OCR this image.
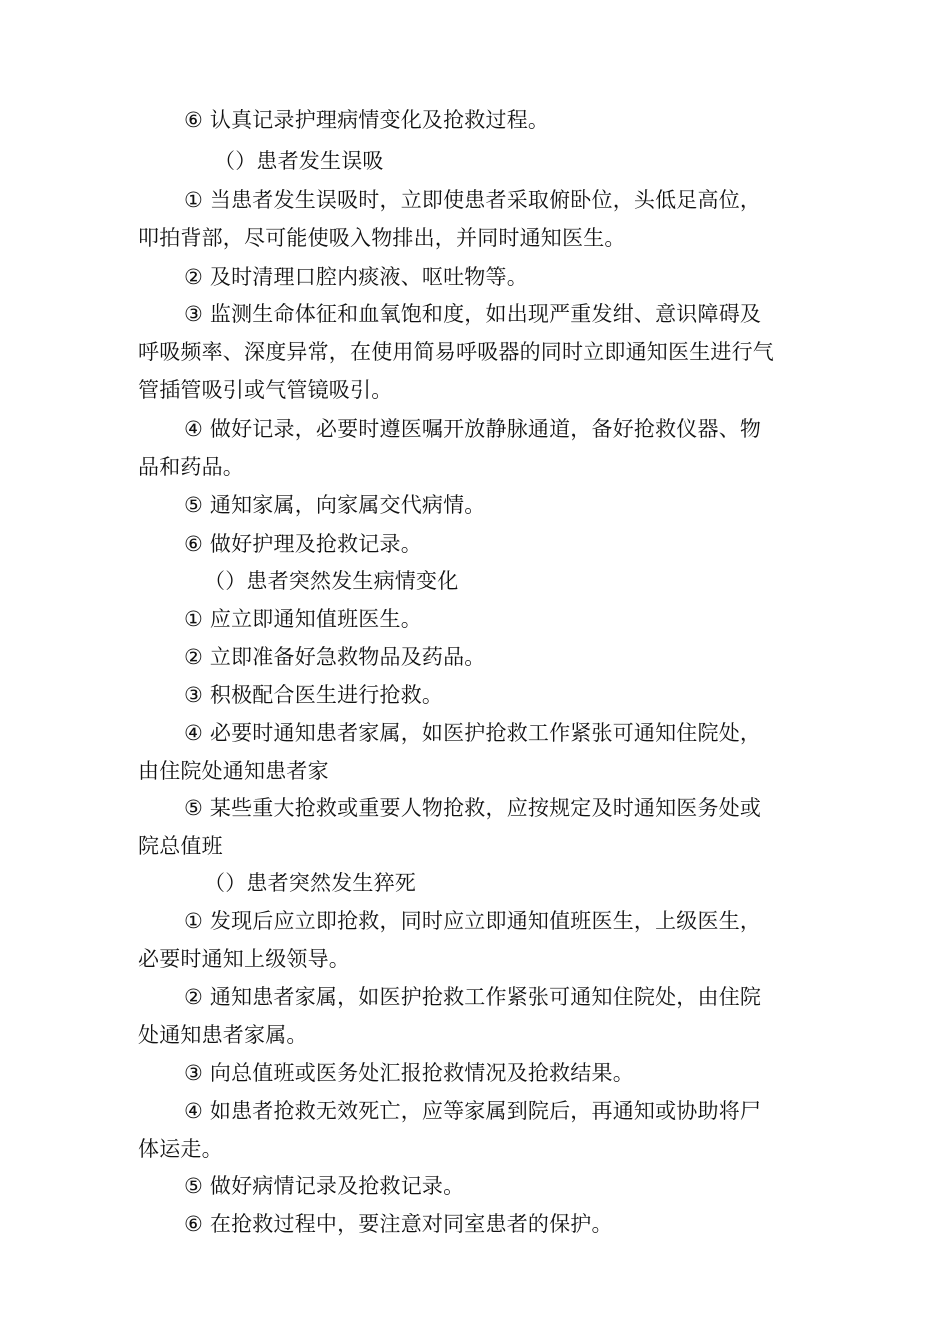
⑥ 认真记录护理病情变化及抢救过程。
（）患者发生误吸
① 当患者发生误吸时，立即使患者采取俯卧位，头低足高位，
叩拍背部，尽可能使吸入物排出，并同时通知医生。
② 及时清理口腔内痰液、呕吐物等。
③ 监测生命体征和血氧饱和度，如出现严重发绀、意识障碍及
呼吸频率、深度异常，在使用简易呼吸器的同时立即通知医生进行气
管插管吸引或气管镜吸引。
④ 做好记录，必要时遵医嘱开放静脉通道，备好抢救仪器、物
品和药品。
⑤ 通知家属，向家属交代病情。
⑥ 做好护理及抢救记录。
（）患者突然发生病情变化
① 应立即通知值班医生。
② 立即准备好急救物品及药品。
③ 积极配合医生进行抢救。
④ 必要时通知患者家属，如医护抢救工作紧张可通知住院处，
由住院处通知患者家
⑤ 某些重大抢救或重要人物抢救，应按规定及时通知医务处或
院总值班
（）患者突然发生猝死
① 发现后应立即抢救，同时应立即通知值班医生，上级医生，
必要时通知上级领导。
② 通知患者家属，如医护抢救工作紧张可通知住院处，由住院
处通知患者家属。
③ 向总值班或医务处汇报抢救情况及抢救结果。
④ 如患者抢救无效死亡，应等家属到院后，再通知或协助将尸
体运走。
⑤ 做好病情记录及抢救记录。
⑥ 在抢救过程中，要注意对同室患者的保护。
